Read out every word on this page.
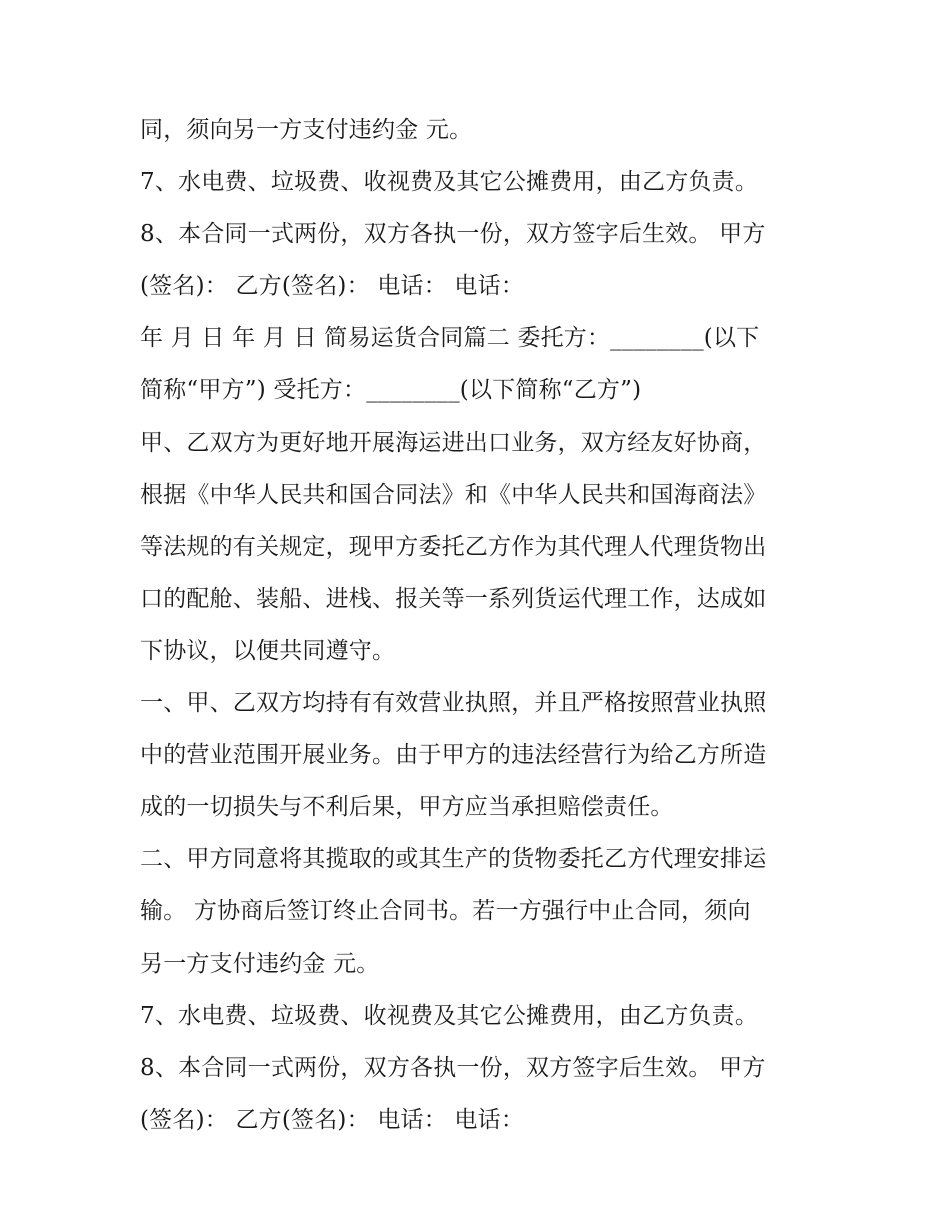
同，须向另一方支付违约金 元。
7、水电费、垃圾费、收视费及其它公摊费用，由乙方负责。
8、本合同一式两份，双方各执一份，双方签字后生效。 甲方
(签名)： 乙方(签名)： 电话： 电话：
年 月 日 年 月 日 简易运货合同篇二 委托方：________(以下
简称“甲方”) 受托方：________(以下简称“乙方”)
甲、乙双方为更好地开展海运进出口业务，双方经友好协商，
根据《中华人民共和国合同法》和《中华人民共和国海商法》
等法规的有关规定，现甲方委托乙方作为其代理人代理货物出
口的配舱、装船、进栈、报关等一系列货运代理工作，达成如
下协议，以便共同遵守。
一、甲、乙双方均持有有效营业执照，并且严格按照营业执照
中的营业范围开展业务。由于甲方的违法经营行为给乙方所造
成的一切损失与不利后果，甲方应当承担赔偿责任。
二、甲方同意将其揽取的或其生产的货物委托乙方代理安排运
输。 方协商后签订终止合同书。若一方强行中止合同，须向
另一方支付违约金 元。
7、水电费、垃圾费、收视费及其它公摊费用，由乙方负责。
8、本合同一式两份，双方各执一份，双方签字后生效。 甲方
(签名)： 乙方(签名)： 电话： 电话：
